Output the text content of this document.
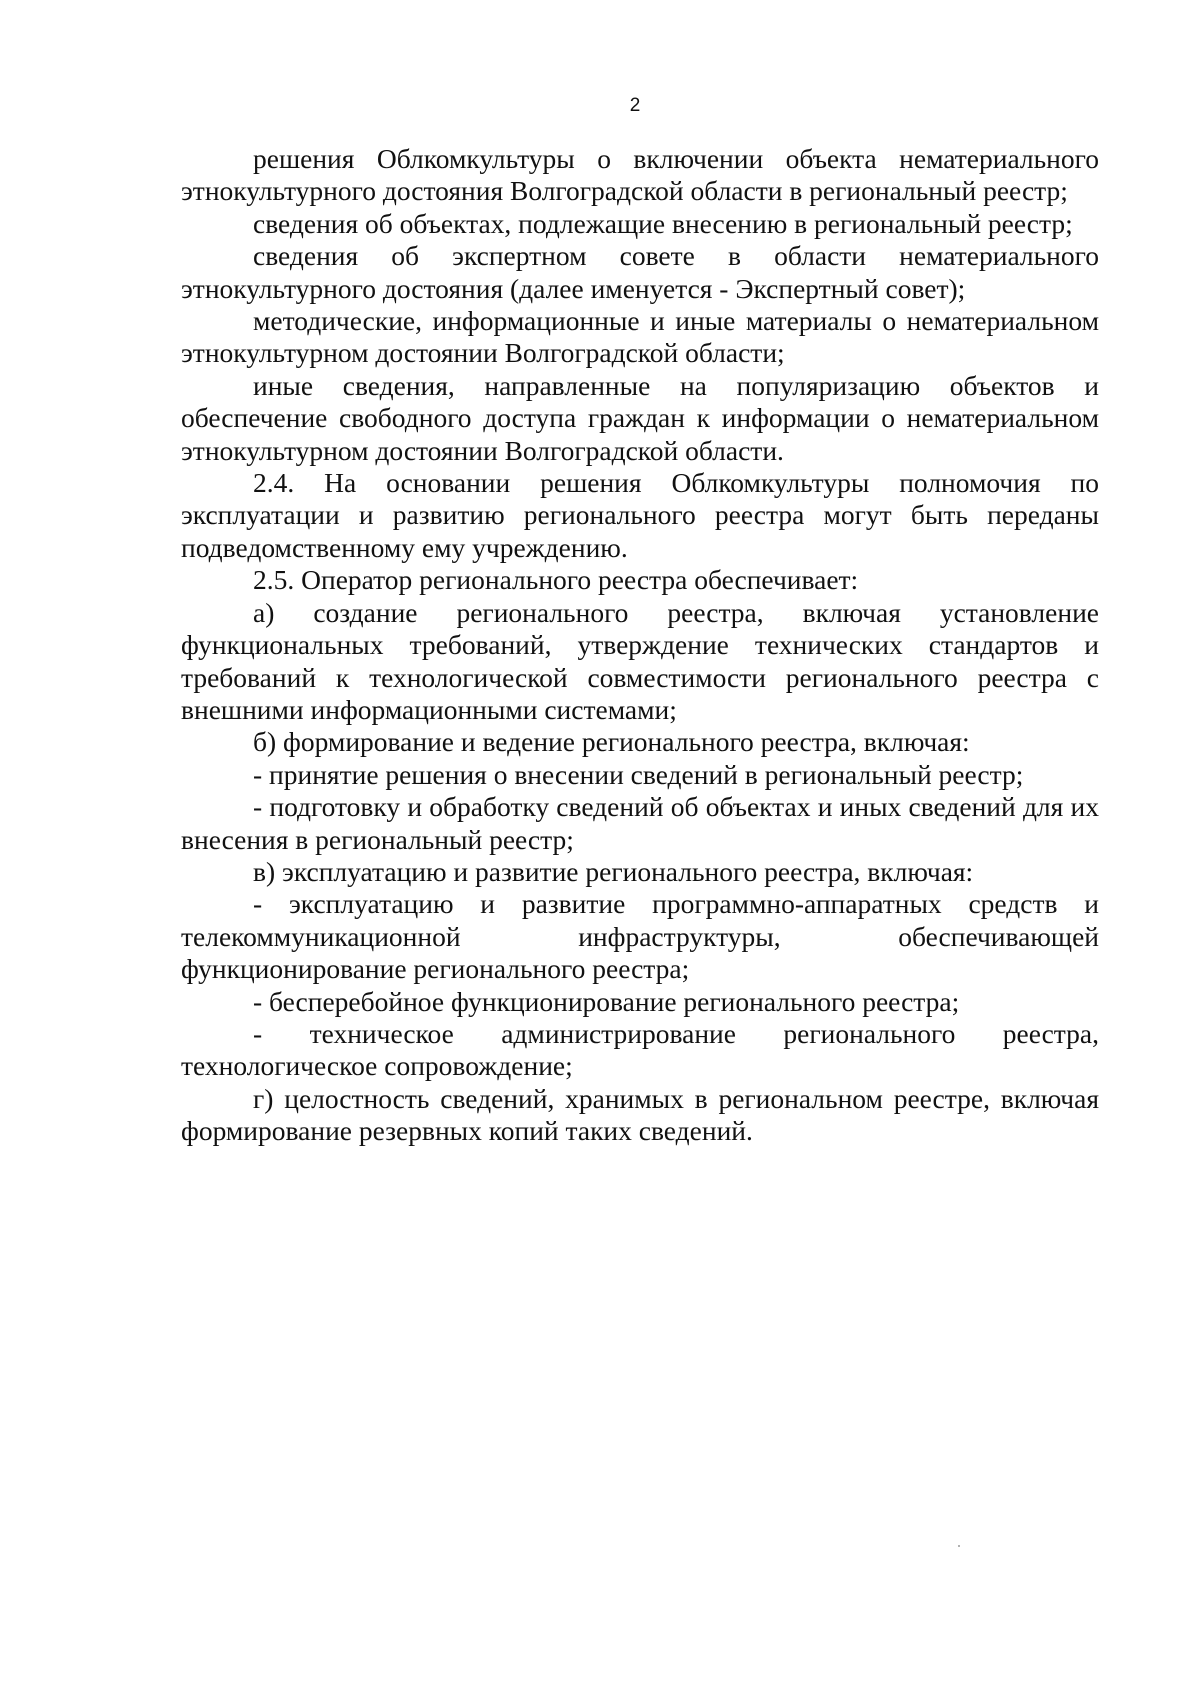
2

решения Облкомкультуры о включении объекта нематериального этнокультурного достояния Волгоградской области в региональный реестр;

сведения об объектах, подлежащие внесению в региональный реестр;

сведения об экспертном совете в области нематериального этнокультурного достояния (далее именуется - Экспертный совет);

методические, информационные и иные материалы о нематериальном этнокультурном достоянии Волгоградской области;

иные сведения, направленные на популяризацию объектов и обеспечение свободного доступа граждан к информации о нематериальном этнокультурном достоянии Волгоградской области.

2.4. На основании решения Облкомкультуры полномочия по эксплуатации и развитию регионального реестра могут быть переданы подведомственному ему учреждению.

2.5. Оператор регионального реестра обеспечивает:

а) создание регионального реестра, включая установление функциональных требований, утверждение технических стандартов и требований к технологической совместимости регионального реестра с внешними информационными системами;

б) формирование и ведение регионального реестра, включая:

- принятие решения о внесении сведений в региональный реестр;

- подготовку и обработку сведений об объектах и иных сведений для их внесения в региональный реестр;

в) эксплуатацию и развитие регионального реестра, включая:

- эксплуатацию и развитие программно-аппаратных средств и телекоммуникационной инфраструктуры, обеспечивающей функционирование регионального реестра;

- бесперебойное функционирование регионального реестра;

- техническое администрирование регионального реестра, технологическое сопровождение;

г) целостность сведений, хранимых в региональном реестре, включая формирование резервных копий таких сведений.
